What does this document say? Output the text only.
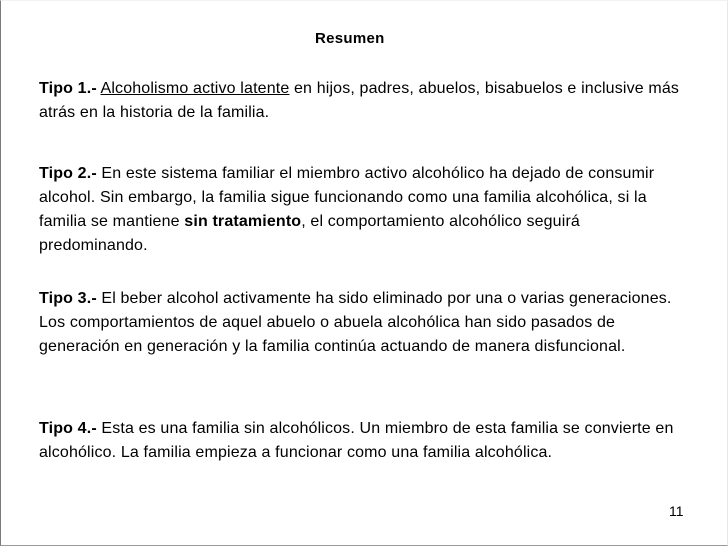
Resumen
Tipo 1.- Alcoholismo activo latente en hijos, padres, abuelos, bisabuelos e inclusive más atrás en la historia de la familia.
Tipo 2.- En este sistema familiar el miembro activo alcohólico ha dejado de consumir alcohol. Sin embargo, la familia sigue funcionando como una familia alcohólica, si la familia se mantiene sin tratamiento, el comportamiento alcohólico seguirá predominando.
Tipo 3.- El beber alcohol activamente ha sido eliminado por una o varias generaciones. Los comportamientos de aquel abuelo o abuela alcohólica han sido pasados de generación en generación y la familia continúa actuando de manera disfuncional.
Tipo 4.- Esta es una familia sin alcohólicos. Un miembro de esta familia se convierte en alcohólico. La familia empieza a funcionar como una familia alcohólica.
11
